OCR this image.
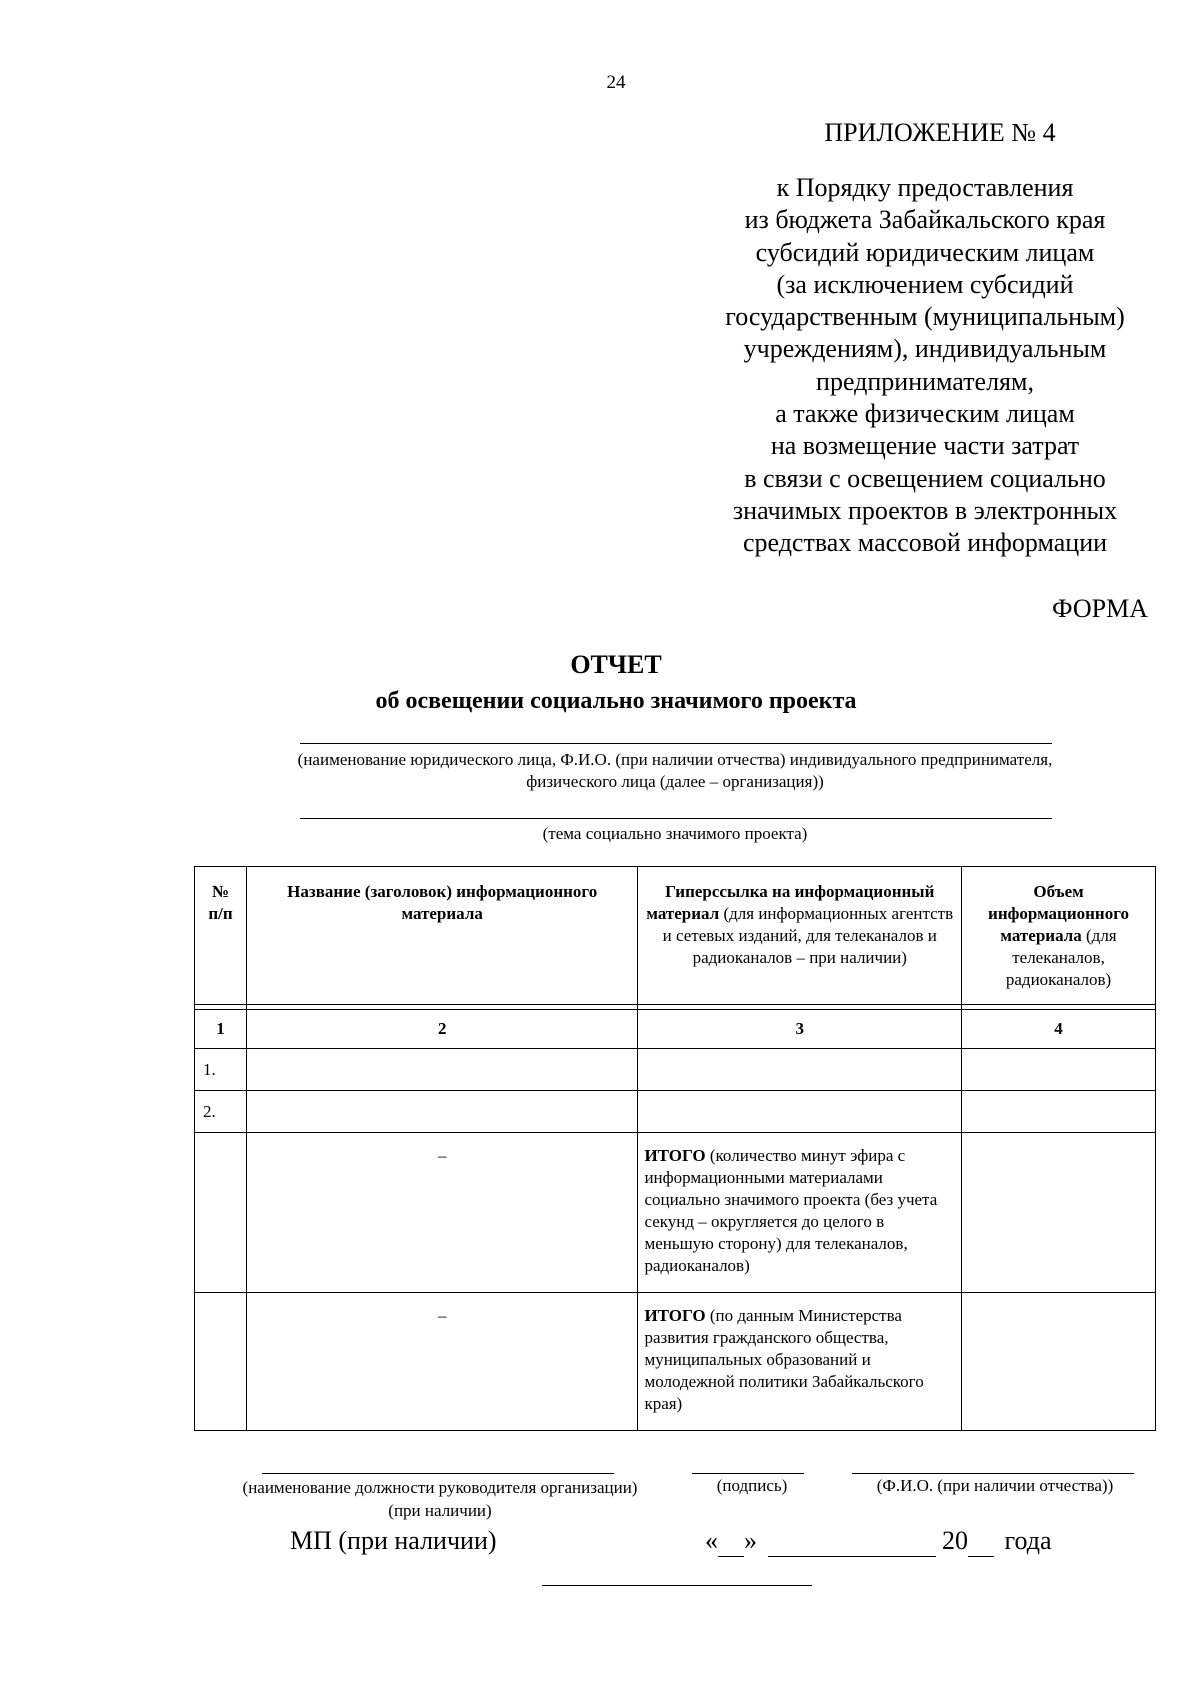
24
ПРИЛОЖЕНИЕ № 4
к Порядку предоставления
из бюджета Забайкальского края
субсидий юридическим лицам
(за исключением субсидий
государственным (муниципальным)
учреждениям), индивидуальным
предпринимателям,
а также физическим лицам
на возмещение части затрат
в связи с освещением социально
значимых проектов в электронных
средствах массовой информации
ФОРМА
ОТЧЕТ
об освещении социально значимого проекта
(наименование юридического лица, Ф.И.О. (при наличии отчества) индивидуального предпринимателя,
физического лица (далее – организация))
(тема социально значимого проекта)
№
п/п	Название (заголовок) информационного материала	Гиперссылка на информационный материал (для информационных агентств и сетевых изданий, для телеканалов и радиоканалов – при наличии)	Объем информационного материала (для телеканалов, радиоканалов)

1	2	3	4
1.			
2.			
	–	ИТОГО (количество минут эфира с информационными материалами социально значимого проекта (без учета секунд – округляется до целого в меньшую сторону) для телеканалов, радиоканалов)	
	–	ИТОГО (по данным Министерства развития гражданского общества, муниципальных образований и молодежной политики Забайкальского края)	
(наименование должности руководителя организации)
(при наличии)
(подпись)	(Ф.И.О. (при наличии отчества))
МП (при наличии)	« »	20 года
